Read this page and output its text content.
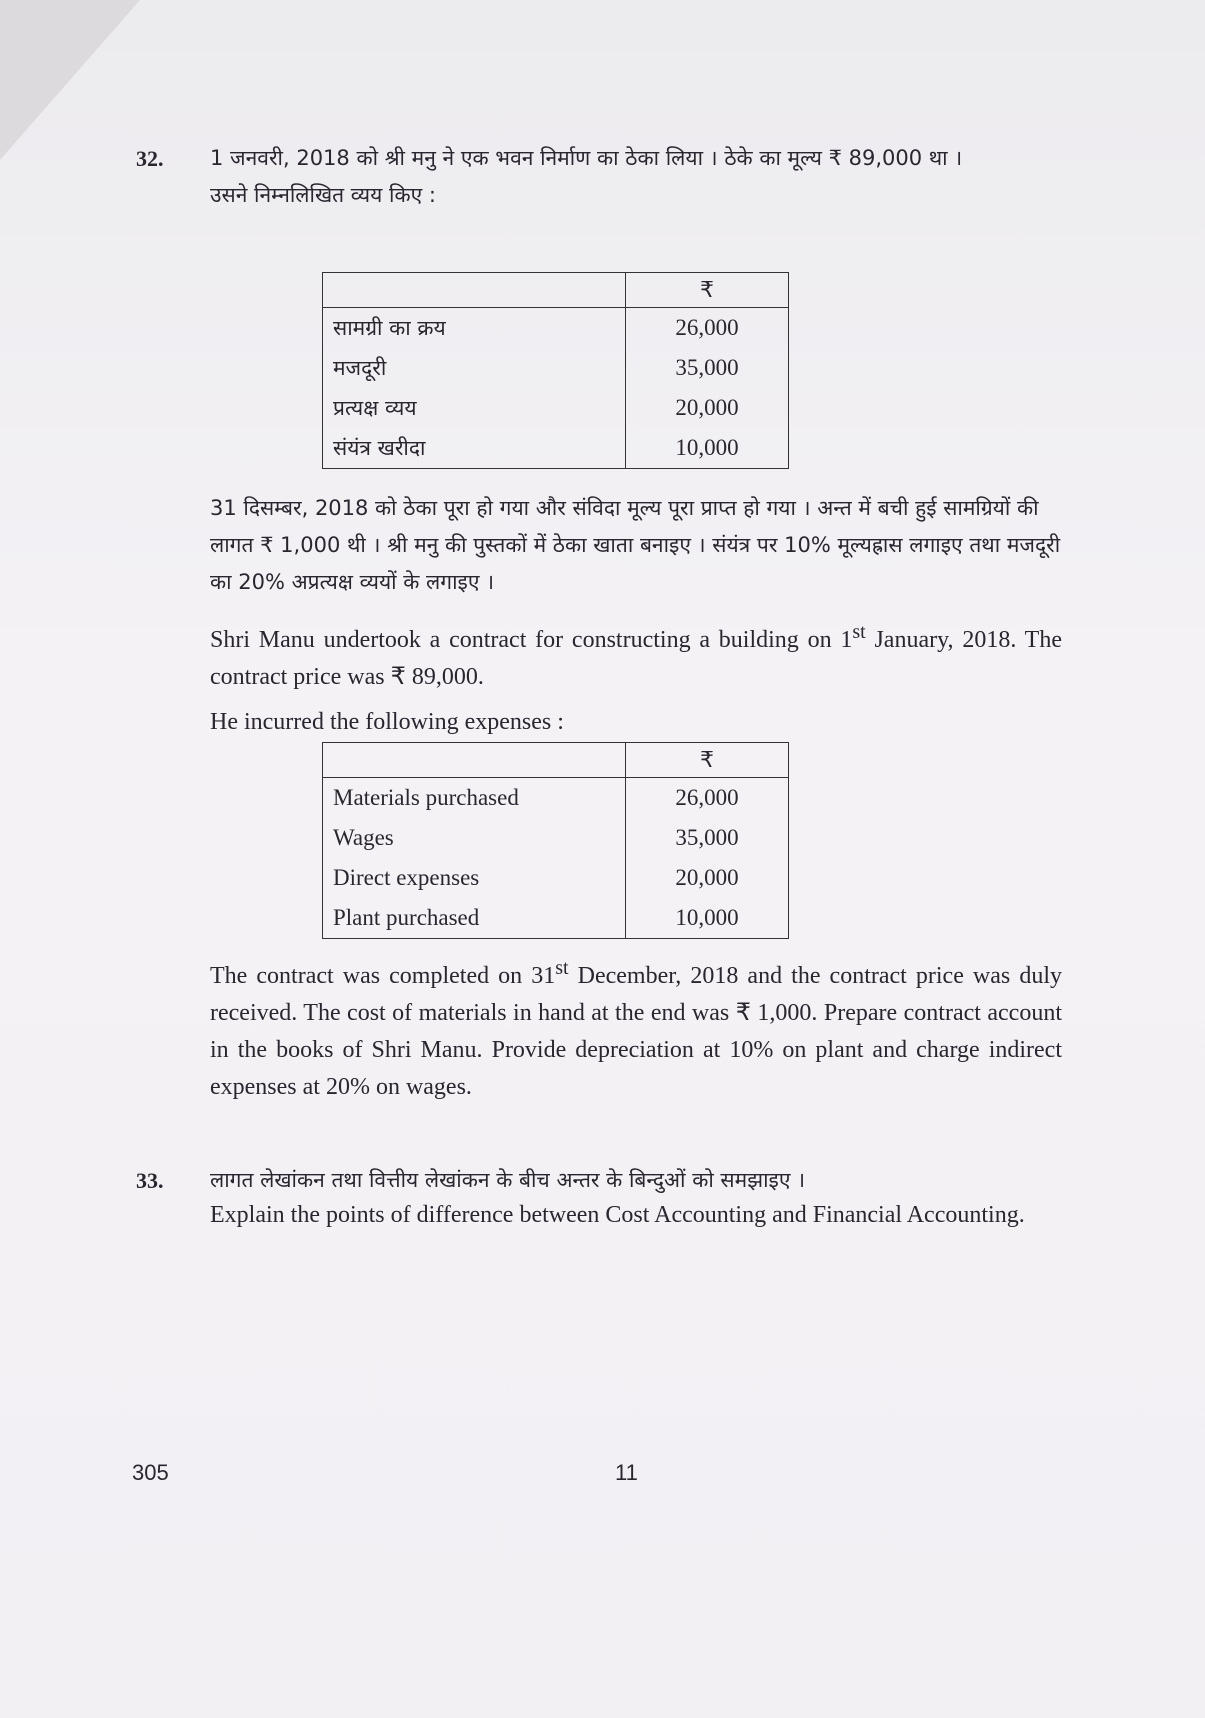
32. 1 जनवरी, 2018 को श्री मनु ने एक भवन निर्माण का ठेका लिया । ठेके का मूल्य ₹ 89,000 था ।

उसने निम्नलिखित व्यय किए :

	₹
सामग्री का क्रय	26,000
मजदूरी	35,000
प्रत्यक्ष व्यय	20,000
संयंत्र खरीदा	10,000

31 दिसम्बर, 2018 को ठेका पूरा हो गया और संविदा मूल्य पूरा प्राप्त हो गया । अन्त में बची हुई सामग्रियों की लागत ₹ 1,000 थी । श्री मनु की पुस्तकों में ठेका खाता बनाइए । संयंत्र पर 10% मूल्यह्रास लगाइए तथा मजदूरी का 20% अप्रत्यक्ष व्ययों के लगाइए ।

Shri Manu undertook a contract for constructing a building on 1st January, 2018. The contract price was ₹ 89,000.

He incurred the following expenses :

	₹
Materials purchased	26,000
Wages	35,000
Direct expenses	20,000
Plant purchased	10,000

The contract was completed on 31st December, 2018 and the contract price was duly received. The cost of materials in hand at the end was ₹ 1,000. Prepare contract account in the books of Shri Manu. Provide depreciation at 10% on plant and charge indirect expenses at 20% on wages.

33. लागत लेखांकन तथा वित्तीय लेखांकन के बीच अन्तर के बिन्दुओं को समझाइए ।

Explain the points of difference between Cost Accounting and Financial Accounting.

305	11
